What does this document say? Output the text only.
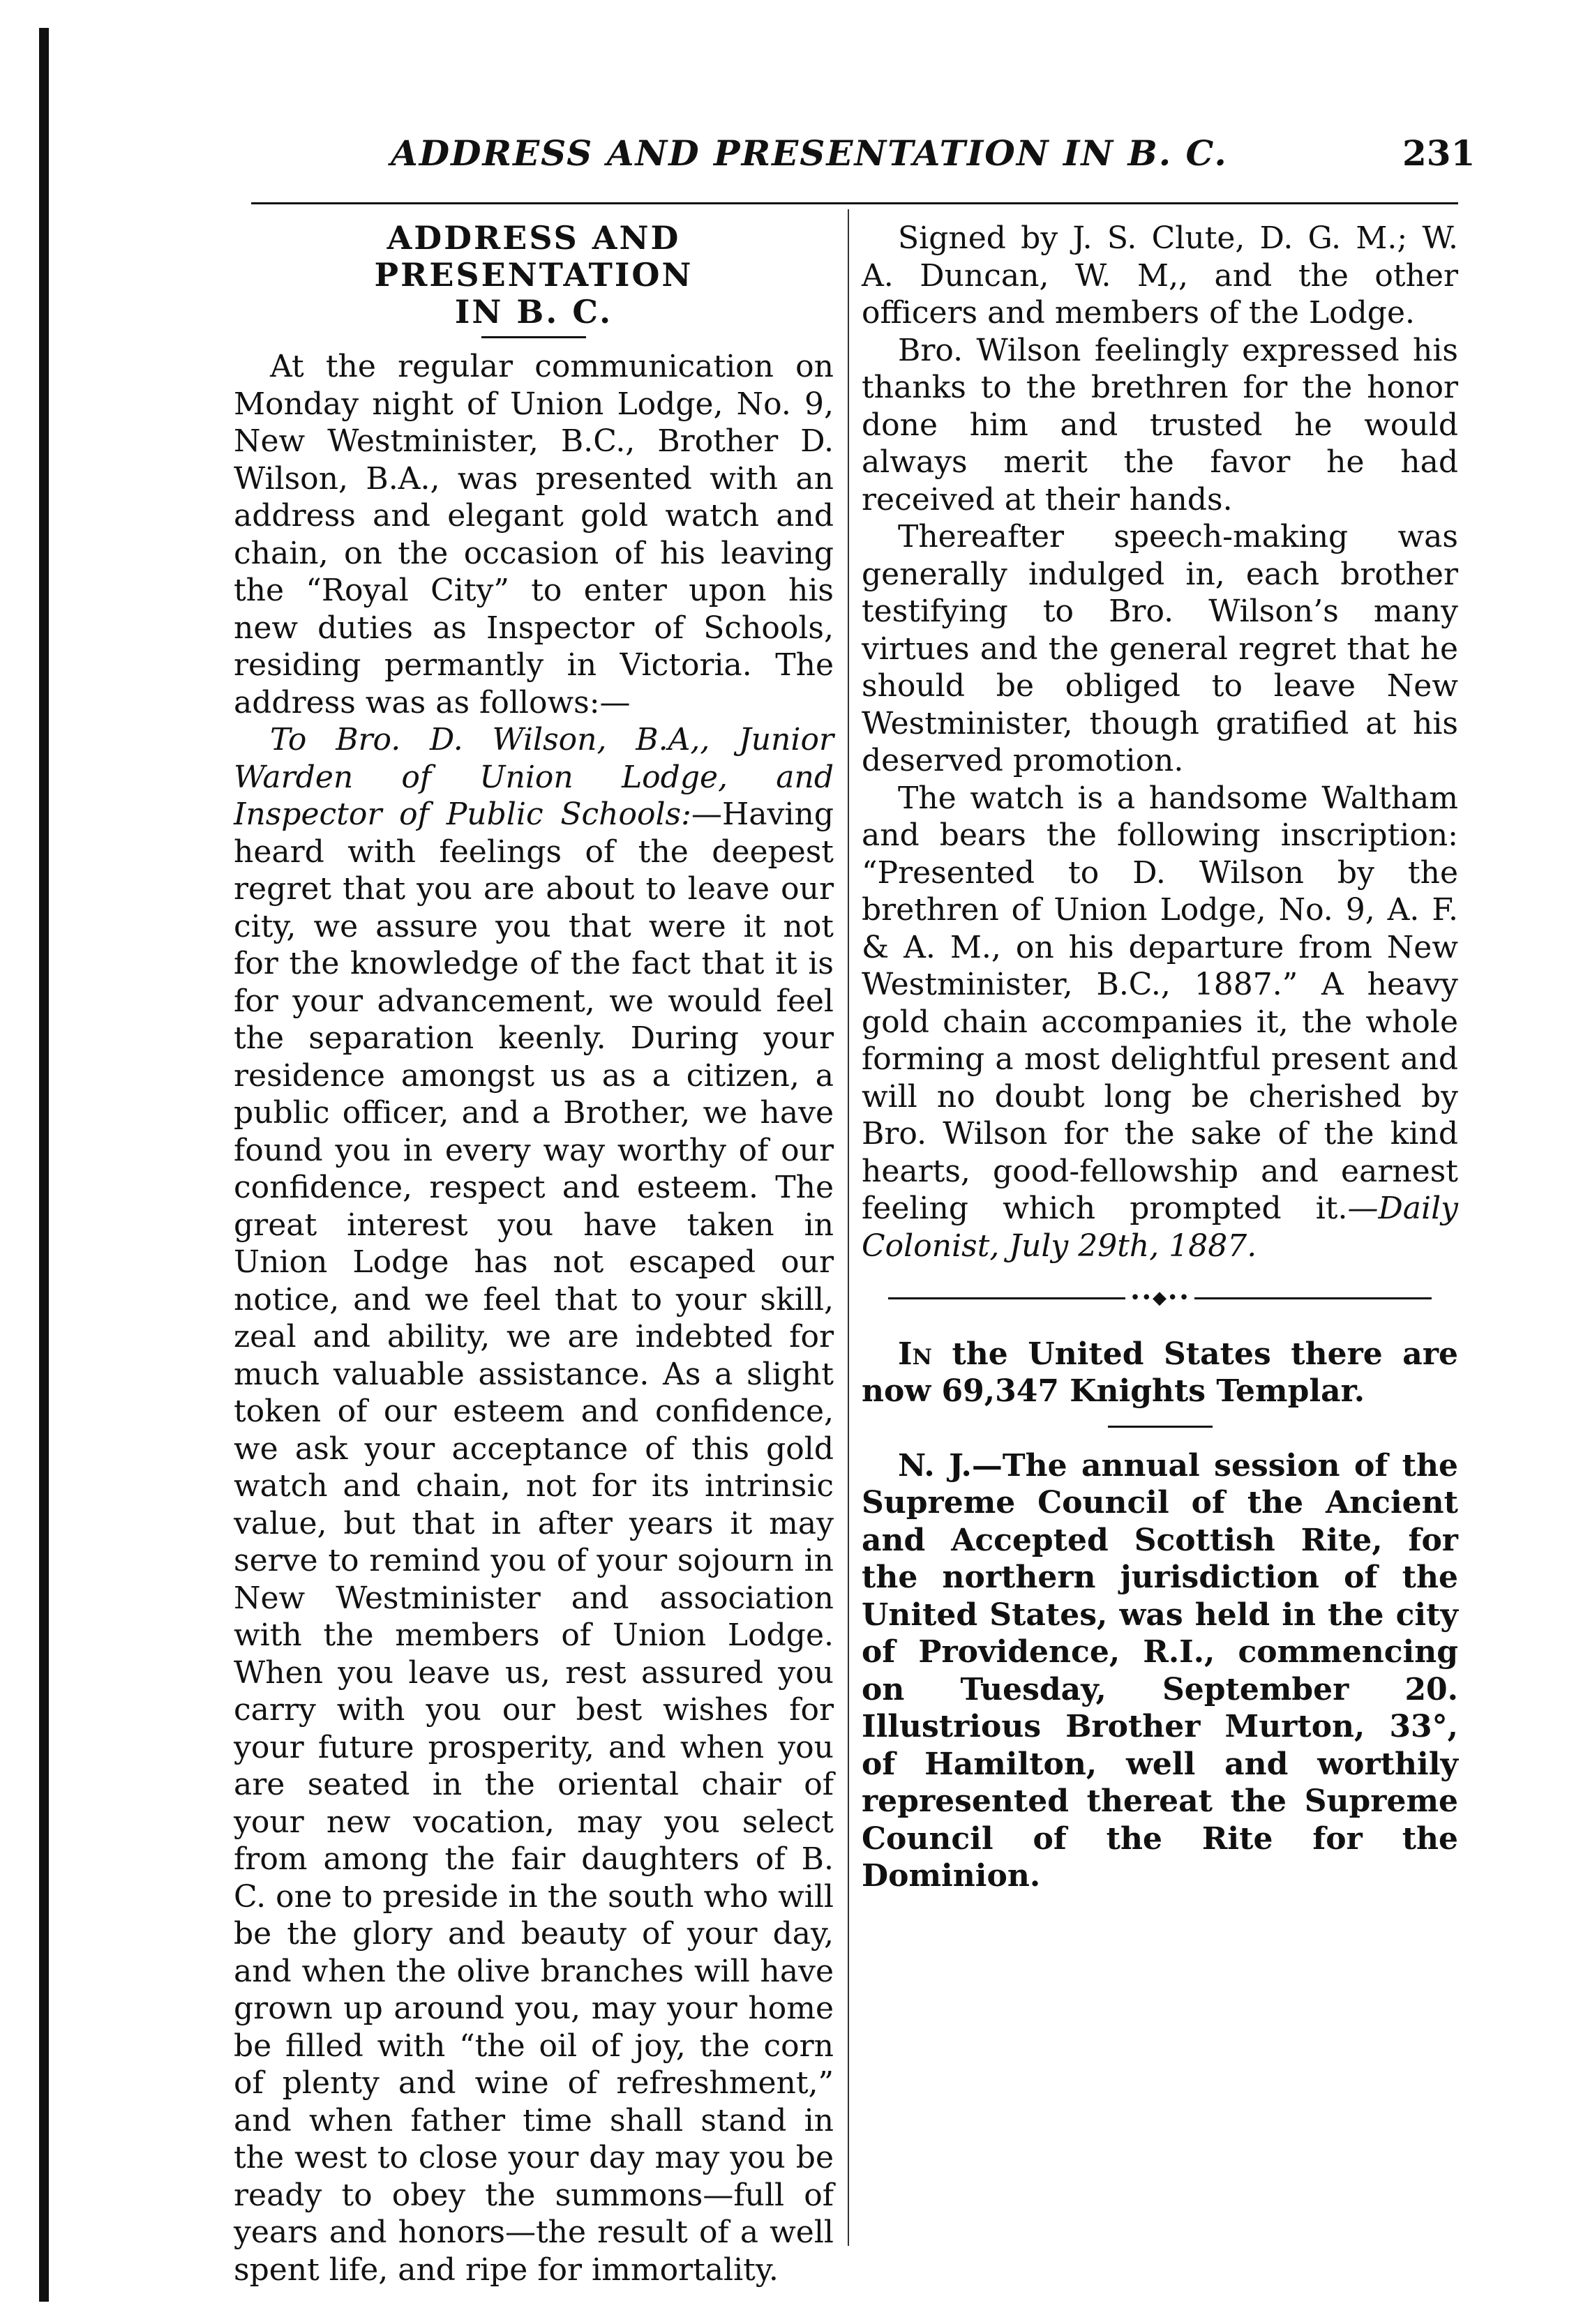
ADDRESS AND PRESENTATION IN B. C.	231
ADDRESS AND PRESENTATION
IN B. C.

At the regular communication on Monday night of Union Lodge, No. 9, New Westminister, B.C., Brother D. Wilson, B.A., was presented with an address and elegant gold watch and chain, on the occasion of his leaving the “Royal City” to enter upon his new duties as Inspector of Schools, residing permantly in Victoria. The address was as follows:—

To Bro. D. Wilson, B.A,, Junior Warden of Union Lodge, and Inspector of Public Schools:—Having heard with feelings of the deepest regret that you are about to leave our city, we assure you that were it not for the knowledge of the fact that it is for your advancement, we would feel the separation keenly. During your residence amongst us as a citizen, a public officer, and a Brother, we have found you in every way worthy of our confidence, respect and esteem. The great interest you have taken in Union Lodge has not escaped our notice, and we feel that to your skill, zeal and ability, we are indebted for much valuable assistance. As a slight token of our esteem and confidence, we ask your acceptance of this gold watch and chain, not for its intrinsic value, but that in after years it may serve to remind you of your sojourn in New Westminister and association with the members of Union Lodge. When you leave us, rest assured you carry with you our best wishes for your future prosperity, and when you are seated in the oriental chair of your new vocation, may you select from among the fair daughters of B. C. one to preside in the south who will be the glory and beauty of your day, and when the olive branches will have grown up around you, may your home be filled with “the oil of joy, the corn of plenty and wine of refreshment,” and when father time shall stand in the west to close your day may you be ready to obey the summons—full of years and honors—the result of a well spent life, and ripe for immortality.

Signed by J. S. Clute, D. G. M.; W. A. Duncan, W. M,, and the other officers and members of the Lodge.

Bro. Wilson feelingly expressed his thanks to the brethren for the honor done him and trusted he would always merit the favor he had received at their hands.

Thereafter speech-making was generally indulged in, each brother testifying to Bro. Wilson’s many virtues and the general regret that he should be obliged to leave New Westminister, though gratified at his deserved promotion.

The watch is a handsome Waltham and bears the following inscription: “Presented to D. Wilson by the brethren of Union Lodge, No. 9, A. F. & A. M., on his departure from New Westminister, B.C., 1887.” A heavy gold chain accompanies it, the whole forming a most delightful present and will no doubt long be cherished by Bro. Wilson for the sake of the kind hearts, good-fellowship and earnest feeling which prompted it.—Daily Colonist, July 29th, 1887.

••◆••

In the United States there are now 69,347 Knights Templar.

N. J.—The annual session of the Supreme Council of the Ancient and Accepted Scottish Rite, for the northern jurisdiction of the United States, was held in the city of Providence, R.I., commencing on Tuesday, September 20. Illustrious Brother Murton, 33°, of Hamilton, well and worthily represented thereat the Supreme Council of the Rite for the Dominion.
